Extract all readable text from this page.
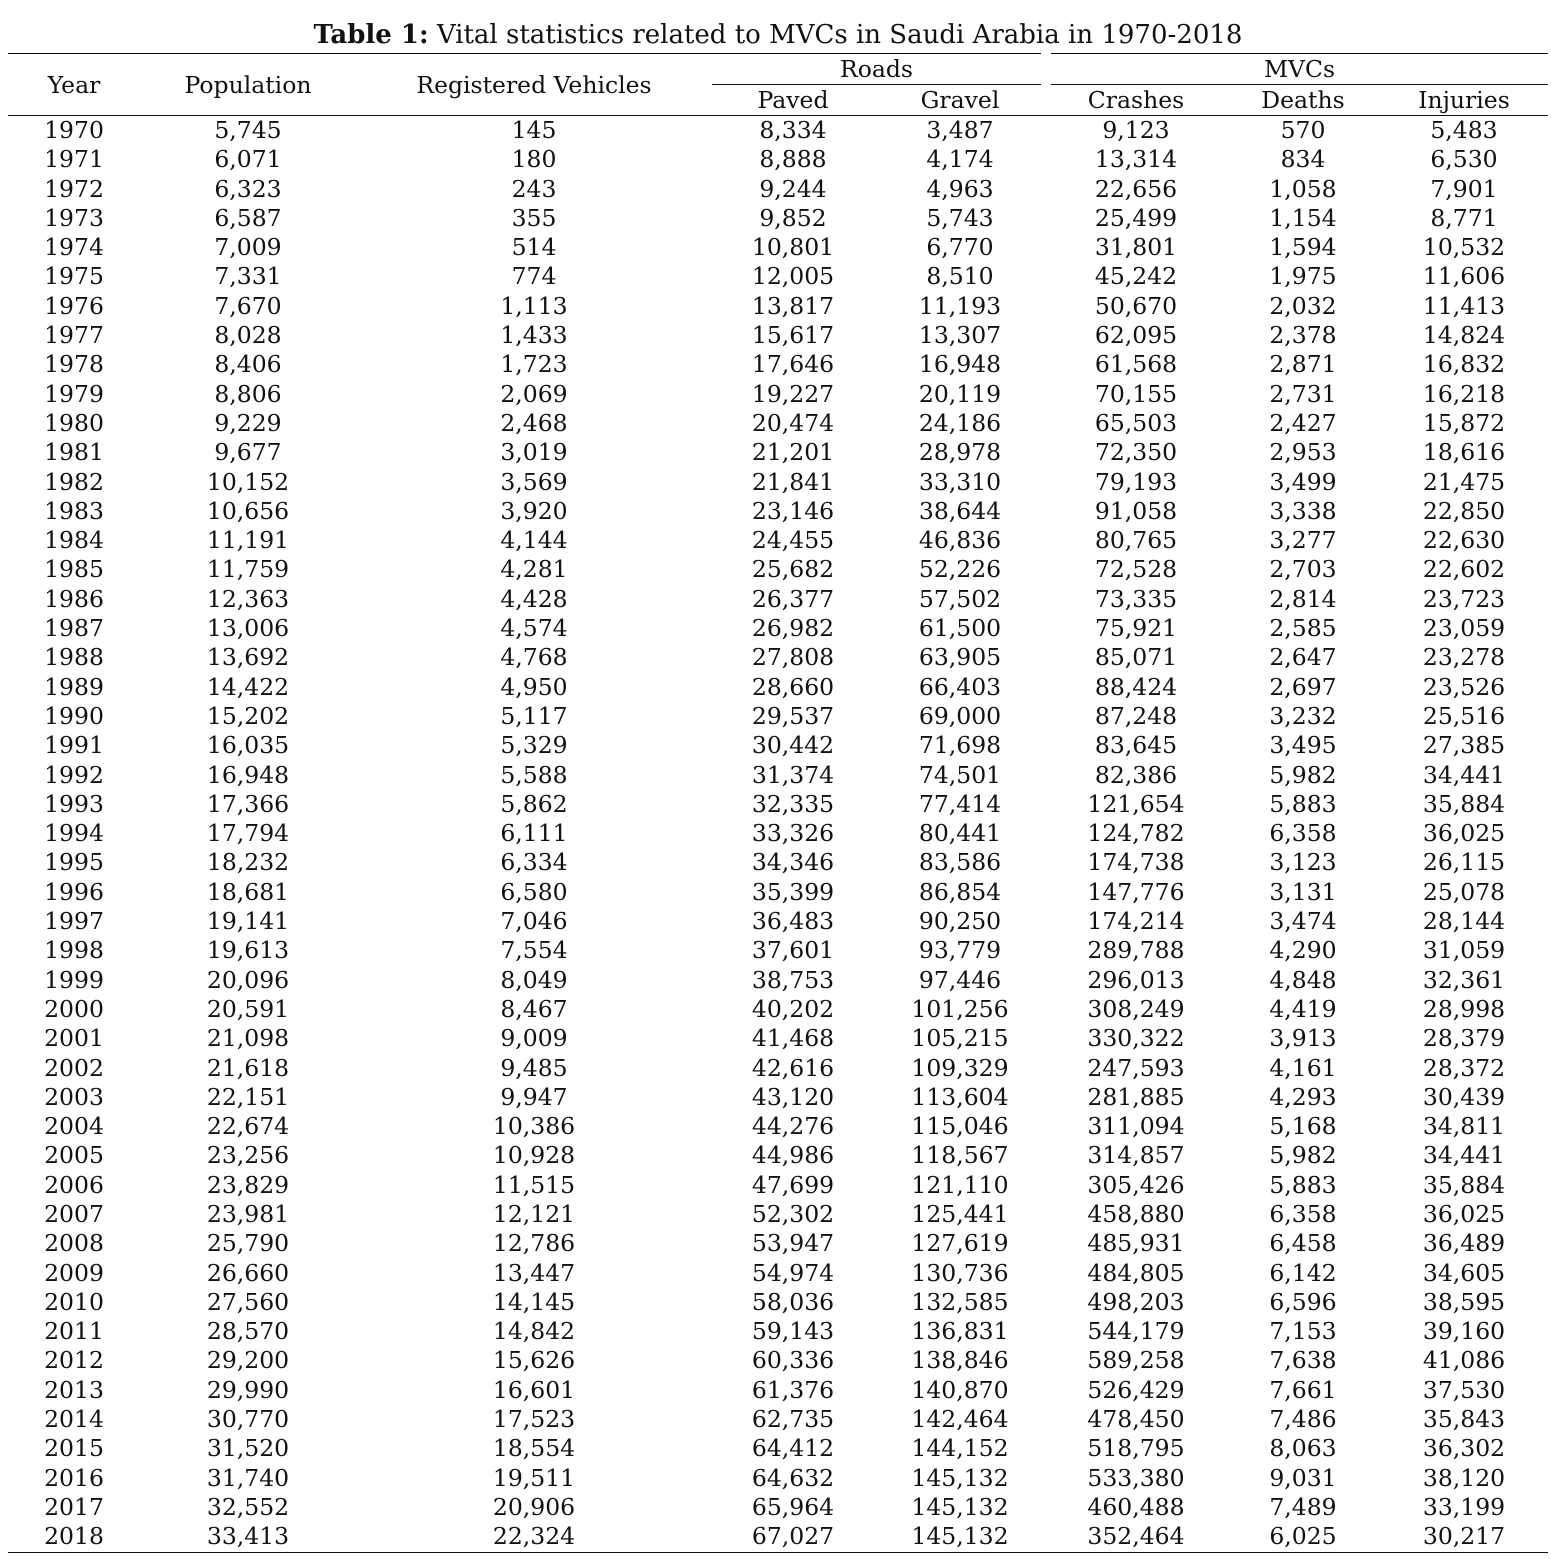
Table 1: Vital statistics related to MVCs in Saudi Arabia in 1970-2018

Year	Population	Registered Vehicles	Roads		MVCs		
			Paved	Gravel	Crashes	Deaths	Injuries
1970	5,745	145	8,334	3,487	9,123	570	5,483
1971	6,071	180	8,888	4,174	13,314	834	6,530
1972	6,323	243	9,244	4,963	22,656	1,058	7,901
1973	6,587	355	9,852	5,743	25,499	1,154	8,771
1974	7,009	514	10,801	6,770	31,801	1,594	10,532
1975	7,331	774	12,005	8,510	45,242	1,975	11,606
1976	7,670	1,113	13,817	11,193	50,670	2,032	11,413
1977	8,028	1,433	15,617	13,307	62,095	2,378	14,824
1978	8,406	1,723	17,646	16,948	61,568	2,871	16,832
1979	8,806	2,069	19,227	20,119	70,155	2,731	16,218
1980	9,229	2,468	20,474	24,186	65,503	2,427	15,872
1981	9,677	3,019	21,201	28,978	72,350	2,953	18,616
1982	10,152	3,569	21,841	33,310	79,193	3,499	21,475
1983	10,656	3,920	23,146	38,644	91,058	3,338	22,850
1984	11,191	4,144	24,455	46,836	80,765	3,277	22,630
1985	11,759	4,281	25,682	52,226	72,528	2,703	22,602
1986	12,363	4,428	26,377	57,502	73,335	2,814	23,723
1987	13,006	4,574	26,982	61,500	75,921	2,585	23,059
1988	13,692	4,768	27,808	63,905	85,071	2,647	23,278
1989	14,422	4,950	28,660	66,403	88,424	2,697	23,526
1990	15,202	5,117	29,537	69,000	87,248	3,232	25,516
1991	16,035	5,329	30,442	71,698	83,645	3,495	27,385
1992	16,948	5,588	31,374	74,501	82,386	5,982	34,441
1993	17,366	5,862	32,335	77,414	121,654	5,883	35,884
1994	17,794	6,111	33,326	80,441	124,782	6,358	36,025
1995	18,232	6,334	34,346	83,586	174,738	3,123	26,115
1996	18,681	6,580	35,399	86,854	147,776	3,131	25,078
1997	19,141	7,046	36,483	90,250	174,214	3,474	28,144
1998	19,613	7,554	37,601	93,779	289,788	4,290	31,059
1999	20,096	8,049	38,753	97,446	296,013	4,848	32,361
2000	20,591	8,467	40,202	101,256	308,249	4,419	28,998
2001	21,098	9,009	41,468	105,215	330,322	3,913	28,379
2002	21,618	9,485	42,616	109,329	247,593	4,161	28,372
2003	22,151	9,947	43,120	113,604	281,885	4,293	30,439
2004	22,674	10,386	44,276	115,046	311,094	5,168	34,811
2005	23,256	10,928	44,986	118,567	314,857	5,982	34,441
2006	23,829	11,515	47,699	121,110	305,426	5,883	35,884
2007	23,981	12,121	52,302	125,441	458,880	6,358	36,025
2008	25,790	12,786	53,947	127,619	485,931	6,458	36,489
2009	26,660	13,447	54,974	130,736	484,805	6,142	34,605
2010	27,560	14,145	58,036	132,585	498,203	6,596	38,595
2011	28,570	14,842	59,143	136,831	544,179	7,153	39,160
2012	29,200	15,626	60,336	138,846	589,258	7,638	41,086
2013	29,990	16,601	61,376	140,870	526,429	7,661	37,530
2014	30,770	17,523	62,735	142,464	478,450	7,486	35,843
2015	31,520	18,554	64,412	144,152	518,795	8,063	36,302
2016	31,740	19,511	64,632	145,132	533,380	9,031	38,120
2017	32,552	20,906	65,964	145,132	460,488	7,489	33,199
2018	33,413	22,324	67,027	145,132	352,464	6,025	30,217
